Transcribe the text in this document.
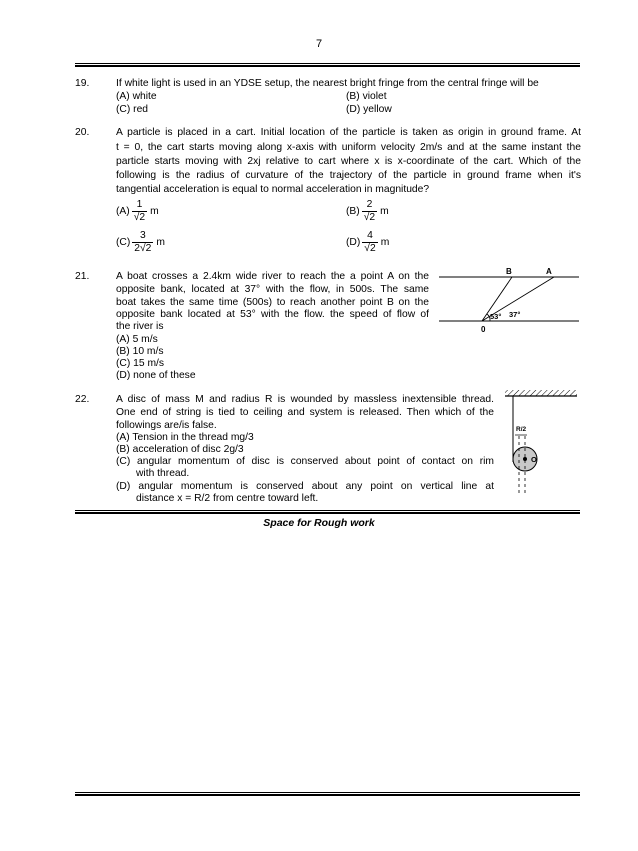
7
19.	If white light is used in an YDSE setup, the nearest bright fringe from the central fringe will be
(A) white	(B) violet
(C) red	(D) yellow
20.	A particle is placed in a cart. Initial location of the particle is taken as origin in ground frame. At
t = 0, the cart starts moving along x-axis with uniform velocity 2m/s and at the same instant the
particle starts moving with 2xj relative to cart where x is x-coordinate of the cart. Which of the
following is the radius of curvature of the trajectory of the particle in ground frame when it's
tangential acceleration is equal to normal acceleration in magnitude?
$(A) \frac{1}{√2}$ m	$(B) \frac{2}{√2}$ m
$(C) \frac{3}{2√2}$ m	$(D) \frac{4}{√2}$ m
21.	A boat crosses a 2.4km wide river to reach the a point A on the
opposite bank, located at 37° with the flow, in 500s. The same
boat takes the same time (500s) to reach another point B on the
opposite bank located at 53° with the flow. the speed of flow of
the river is
(A) 5 m/s
(B) 10 m/s
(C) 15 m/s
(D) none of these
B	A
0
53° 37°
22.	A disc of mass M and radius R is wounded by massless inextensible thread.
One end of string is tied to ceiling and system is released. Then which of the
followings are/is false.
(A) Tension in the thread mg/3
(B) acceleration of disc 2g/3
(C) angular momentum of disc is conserved about point of contact on rim
with thread.
(D) angular momentum is conserved about any point on vertical line at
distance x = R/2 from centre toward left.
R/2
O
Space for Rough work
